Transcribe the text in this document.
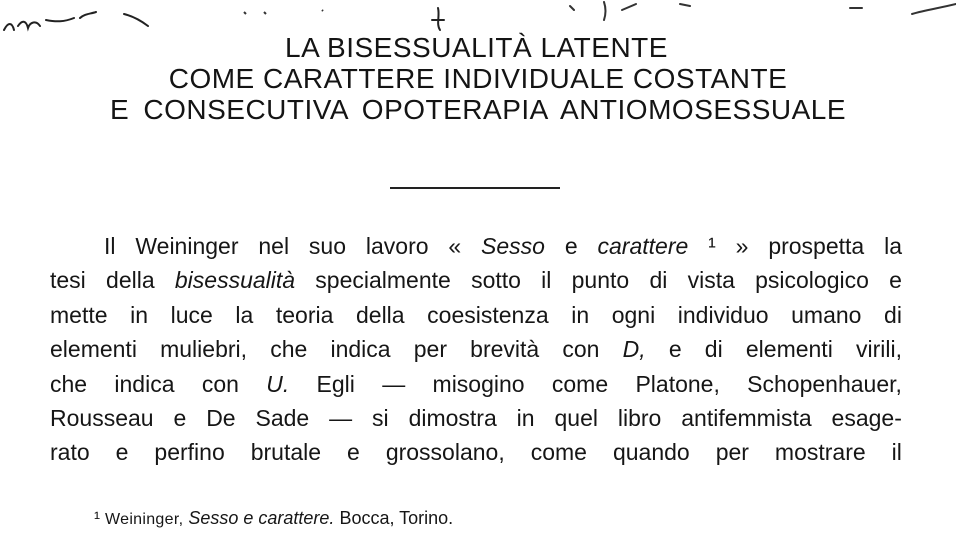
LA BISESSUALITÀ LATENTE
COME CARATTERE INDIVIDUALE COSTANTE
E CONSECUTIVA OPOTERAPIA ANTIOMOSESSUALE
Il Weininger nel suo lavoro « Sesso e carattere ¹ » prospetta la
tesi della bisessualità specialmente sotto il punto di vista psicologico e
mette in luce la teoria della coesistenza in ogni individuo umano di
elementi muliebri, che indica per brevità con D, e di elementi virili,
che indica con U. Egli — misogino come Platone, Schopenhauer,
Rousseau e De Sade — si dimostra in quel libro antifemmista esage-
rato e perfino brutale e grossolano, come quando per mostrare il
¹ Weininger, Sesso e carattere. Bocca, Torino.
